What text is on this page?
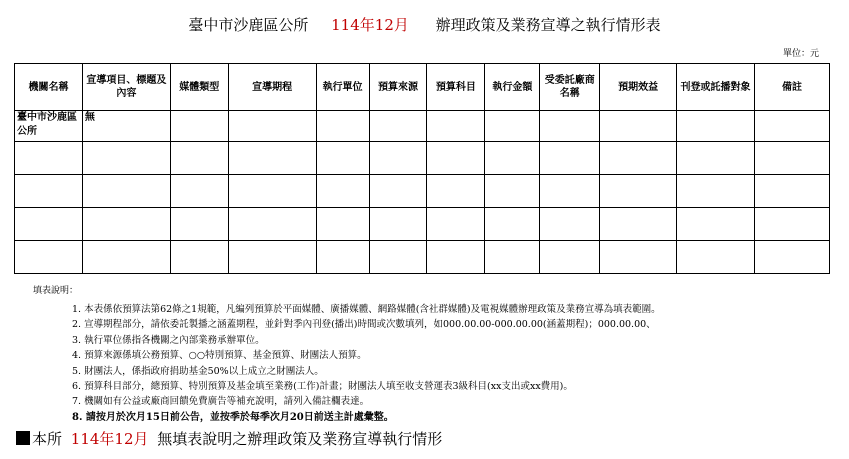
臺中市沙鹿區公所 114年12月 辦理政策及業務宣導之執行情形表
單位：元
機關名稱	宣導項目、標題及內容	媒體類型	宣導期程	執行單位	預算來源	預算科目	執行金額	受委託廠商名稱	預期效益	刊登或託播對象	備註
臺中市沙鹿區公所	無										

填表說明：
1. 本表係依預算法第62條之1規範，凡編列預算於平面媒體、廣播媒體、網路媒體(含社群媒體)及電視媒體辦理政策及業務宣導為填表範圍。
2. 宣導期程部分，請依委託製播之涵蓋期程，並針對季內刊登(播出)時間或次數填列，如000.00.00-000.00.00(涵蓋期程)；000.00.00、
3. 執行單位係指各機關之內部業務承辦單位。
4. 預算來源係填公務預算、○○特別預算、基金預算、財團法人預算。
5. 財團法人，係指政府捐助基金50%以上成立之財團法人。
6. 預算科目部分，總預算、特別預算及基金填至業務(工作)計畫；財團法人填至收支營運表3級科目(xx支出或xx費用)。
7. 機關如有公益或廠商回饋免費廣告等補充說明，請列入備註欄表達。
8. 請按月於次月15日前公告，並按季於每季次月20日前送主計處彙整。
本所 114年12月 無填表說明之辦理政策及業務宣導執行情形
